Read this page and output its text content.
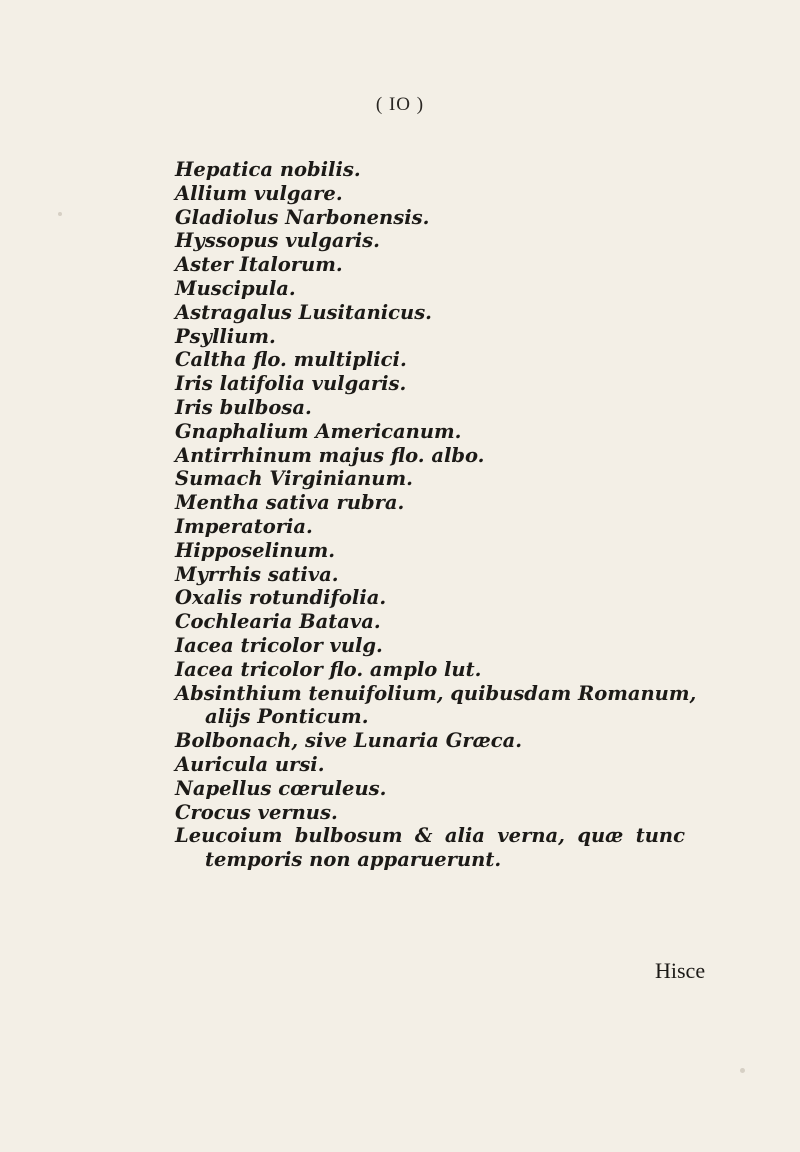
( IO )
Hepatica nobilis.
Allium vulgare.
Gladiolus Narbonensis.
Hyssopus vulgaris.
Aster Italorum.
Muscipula.
Astragalus Lusitanicus.
Psyllium.
Caltha flo. multiplici.
Iris latifolia vulgaris.
Iris bulbosa.
Gnaphalium Americanum.
Antirrhinum majus flo. albo.
Sumach Virginianum.
Mentha sativa rubra.
Imperatoria.
Hipposelinum.
Myrrhis sativa.
Oxalis rotundifolia.
Cochlearia Batava.
Iacea tricolor vulg.
Iacea tricolor flo. amplo lut.
Absinthium tenuifolium, quibusdam Romanum,
alijs Ponticum.
Bolbonach, sive Lunaria Græca.
Auricula ursi.
Napellus cœruleus.
Crocus vernus.
Leucoium bulbosum & alia verna, quæ tunc
temporis non apparuerunt.
Hisce
